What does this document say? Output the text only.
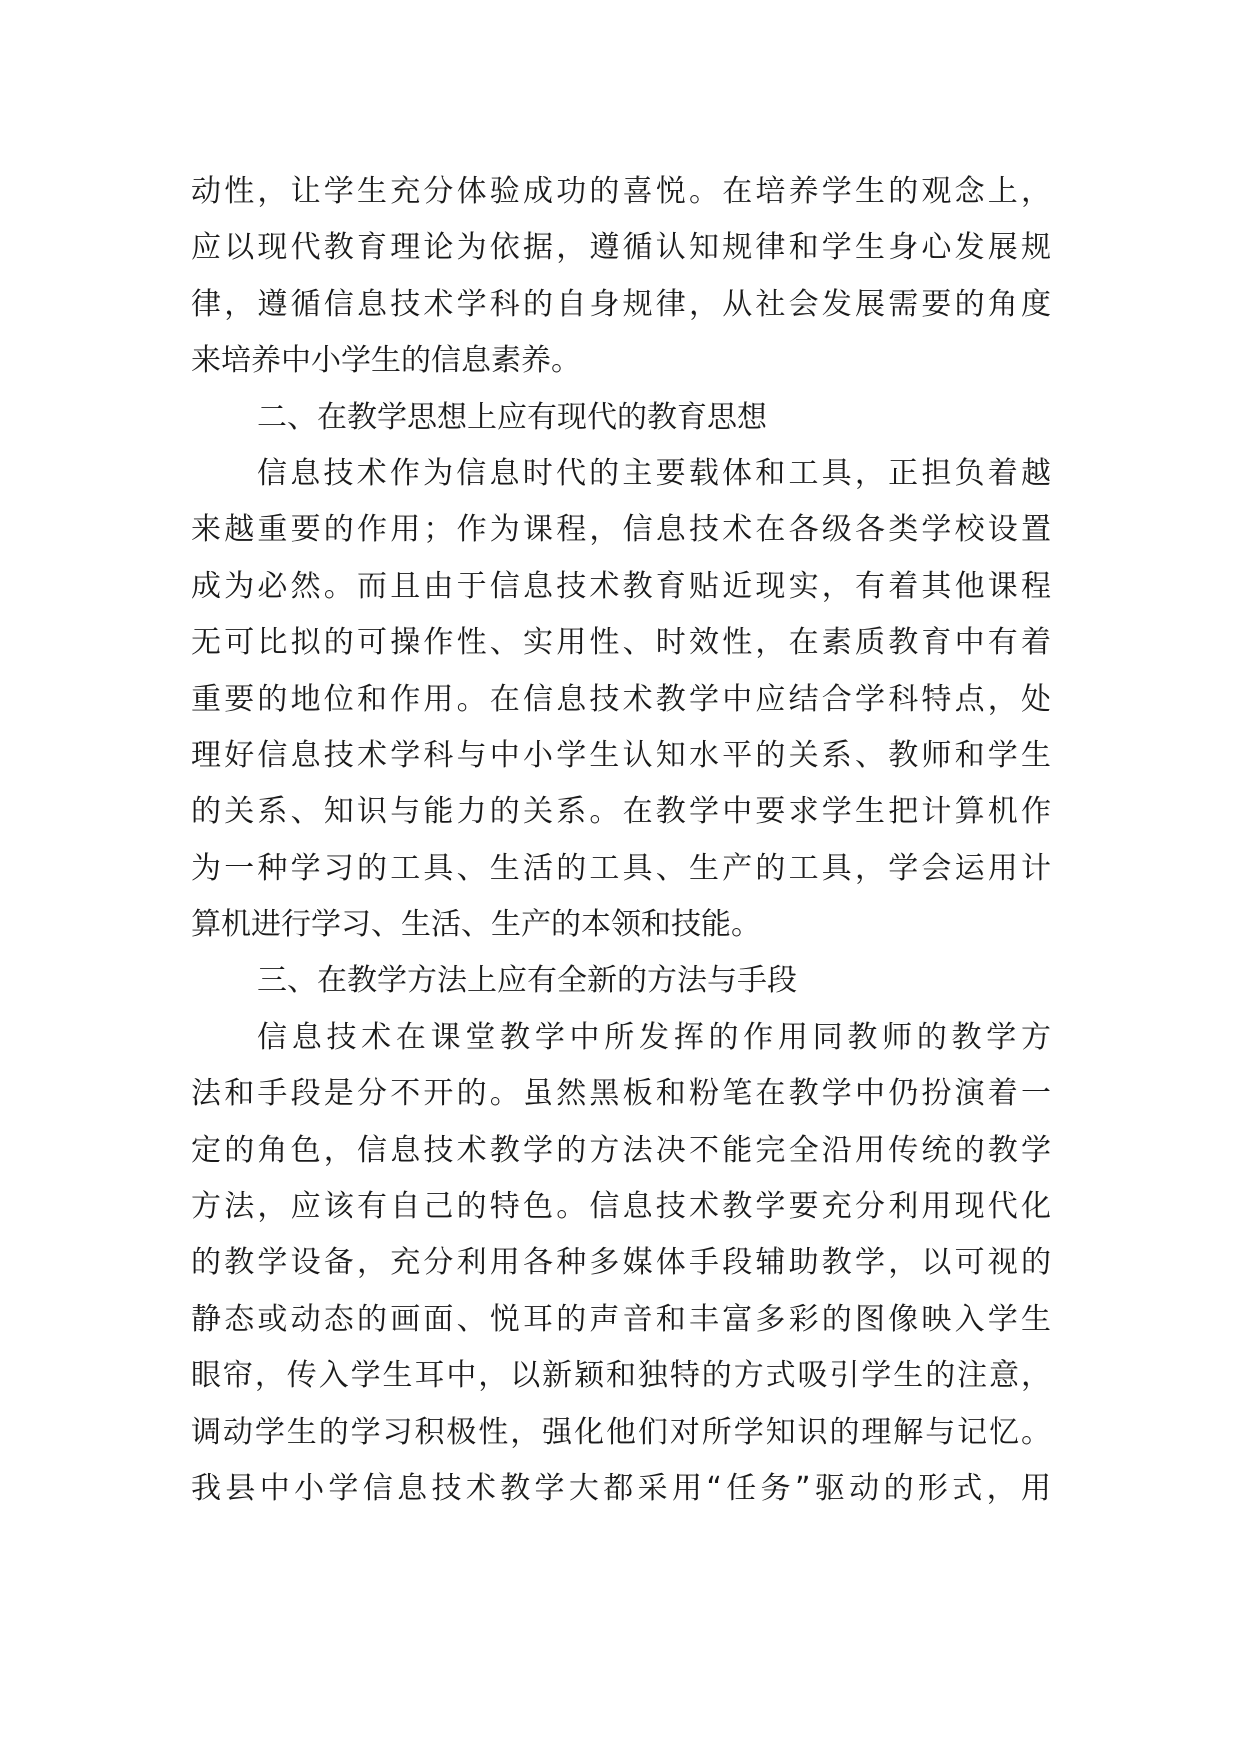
动性，让学生充分体验成功的喜悦。在培养学生的观念上，
应以现代教育理论为依据，遵循认知规律和学生身心发展规
律，遵循信息技术学科的自身规律，从社会发展需要的角度
来培养中小学生的信息素养。
二、在教学思想上应有现代的教育思想
信息技术作为信息时代的主要载体和工具，正担负着越
来越重要的作用；作为课程，信息技术在各级各类学校设置
成为必然。而且由于信息技术教育贴近现实，有着其他课程
无可比拟的可操作性、实用性、时效性，在素质教育中有着
重要的地位和作用。在信息技术教学中应结合学科特点，处
理好信息技术学科与中小学生认知水平的关系、教师和学生
的关系、知识与能力的关系。在教学中要求学生把计算机作
为一种学习的工具、生活的工具、生产的工具，学会运用计
算机进行学习、生活、生产的本领和技能。
三、在教学方法上应有全新的方法与手段
信息技术在课堂教学中所发挥的作用同教师的教学方
法和手段是分不开的。虽然黑板和粉笔在教学中仍扮演着一
定的角色，信息技术教学的方法决不能完全沿用传统的教学
方法，应该有自己的特色。信息技术教学要充分利用现代化
的教学设备，充分利用各种多媒体手段辅助教学，以可视的
静态或动态的画面、悦耳的声音和丰富多彩的图像映入学生
眼帘，传入学生耳中，以新颖和独特的方式吸引学生的注意，
调动学生的学习积极性，强化他们对所学知识的理解与记忆。
我县中小学信息技术教学大都采用“任务”驱动的形式，用
